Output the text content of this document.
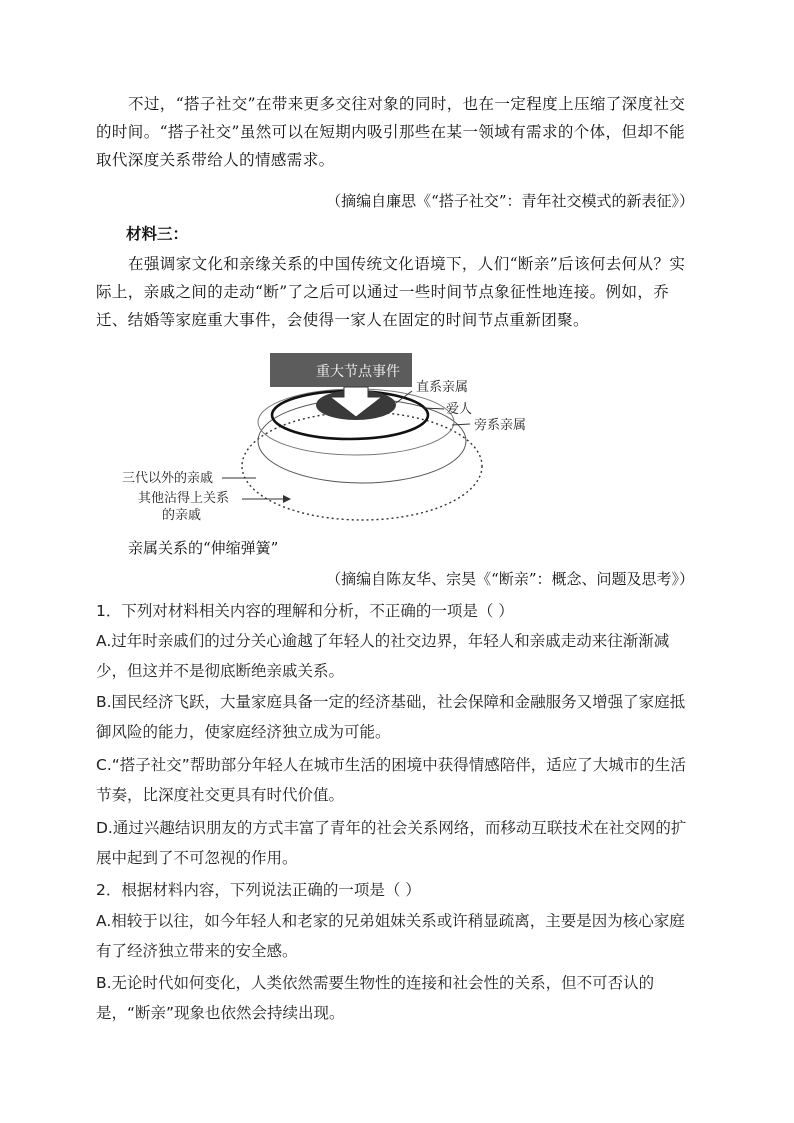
不过，“搭子社交”在带来更多交往对象的同时，也在一定程度上压缩了深度社交的时间。“搭子社交”虽然可以在短期内吸引那些在某一领域有需求的个体，但却不能取代深度关系带给人的情感需求。
（摘编自廉思《“搭子社交”：青年社交模式的新表征》）
材料三：
在强调家文化和亲缘关系的中国传统文化语境下，人们“断亲”后该何去何从？实际上，亲戚之间的走动“断”了之后可以通过一些时间节点象征性地连接。例如，乔迁、结婚等家庭重大事件，会使得一家人在固定的时间节点重新团聚。
重大节点事件
直系亲属
爱人
旁系亲属
三代以外的亲戚
其他沾得上关系
的亲戚
亲属关系的“伸缩弹簧”
（摘编自陈友华、宗昊《“断亲”：概念、问题及思考》）
1．下列对材料相关内容的理解和分析，不正确的一项是（ ）
A.过年时亲戚们的过分关心逾越了年轻人的社交边界，年轻人和亲戚走动来往渐渐减少，但这并不是彻底断绝亲戚关系。
B.国民经济飞跃，大量家庭具备一定的经济基础，社会保障和金融服务又增强了家庭抵御风险的能力，使家庭经济独立成为可能。
C.“搭子社交”帮助部分年轻人在城市生活的困境中获得情感陪伴，适应了大城市的生活节奏，比深度社交更具有时代价值。
D.通过兴趣结识朋友的方式丰富了青年的社会关系网络，而移动互联技术在社交网的扩展中起到了不可忽视的作用。
2．根据材料内容，下列说法正确的一项是（ ）
A.相较于以往，如今年轻人和老家的兄弟姐妹关系或许稍显疏离，主要是因为核心家庭有了经济独立带来的安全感。
B.无论时代如何变化，人类依然需要生物性的连接和社会性的关系，但不可否认的是，“断亲”现象也依然会持续出现。
